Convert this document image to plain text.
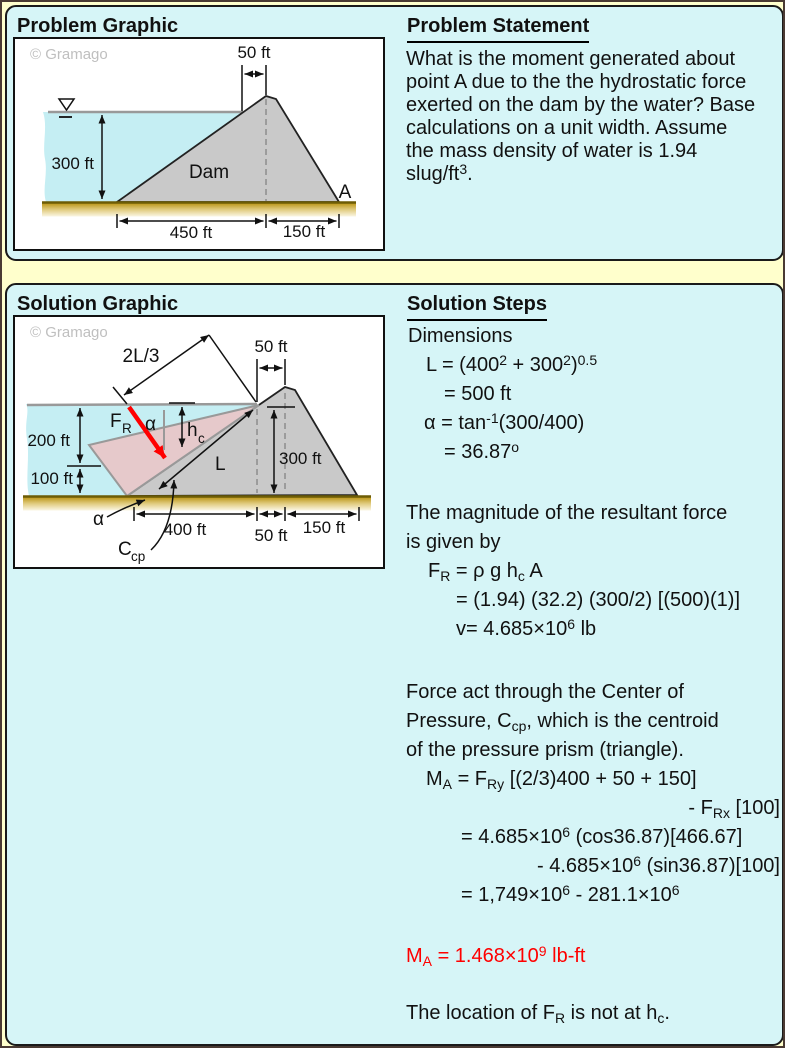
Problem Graphic	Problem Statement
50 ft
300 ft
450 ft	150 ft
Dam
A
© Gramago	What is the moment generated about
point A due to the the hydrostatic force
exerted on the dam by the water? Base
calculations on a unit width. Assume
the mass density of water is 1.94
slug/$ft^3$.
Solution Graphic	Solution Steps
2L/3
F R α h c
200 ft
100 ft
300 ft
50 ft
L
400 ft	50 ft 150 ft
α
C cp
© Gramago	Dimensions
$L = (400^2 + 300^2)^{0.5}$
= 500 ft
$\alpha = \tan^{-1}(300/400)$
= $36.87^o$
The magnitude of the resultant force
is given by
$F_R = \rho$ g $h_c$ A
= (1.94) (32.2) (300/2) [(500)(1)]
$v= 4.685\times 10^6$ lb
Force act through the Center of
Pressure, $C_{cp}$, which is the centroid
of the pressure prism (triangle).
$M_A = F_{Ry}$ [(2/3)400 + 50 + 150]
- $F_{Rx}$ [100]
= $4.685\times 10^6$ (cos36.87)[466.67]
- $4.685\times 10^6$ (sin36.87)[100]
= $1,749\times 10^6 - 281.1\times 10^6$
$M_A = 1.468\times 10^9$ lb-ft
The location of $F_R$ is not at $h_c$.
